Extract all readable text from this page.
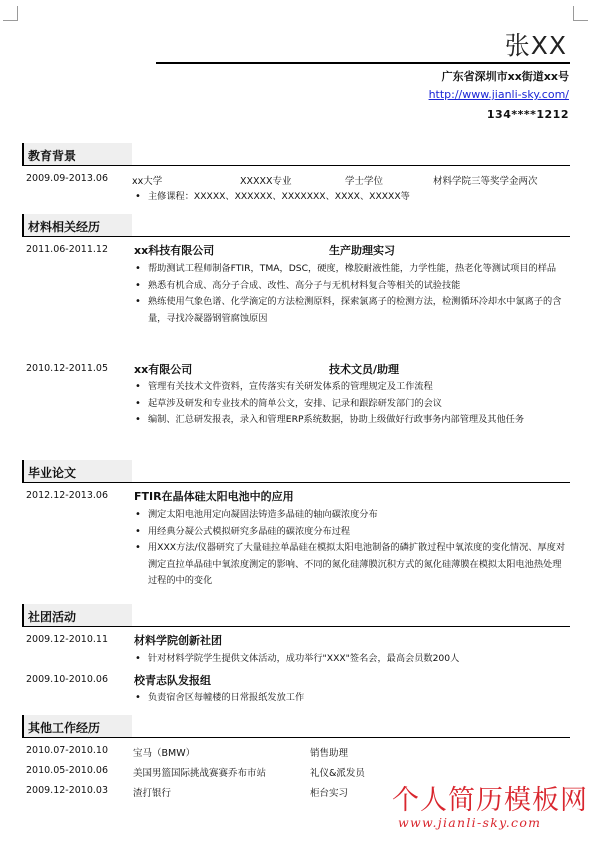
张XX
广东省深圳市xx街道xx号
http://www.jianli-sky.com/
134****1212
教育背景
2009.09-2013.06	xx大学	XXXXX专业	学士学位	材料学院三等奖学金两次
• 主修课程：XXXXX、XXXXXX、XXXXXXX、XXXX、XXXXX等
材料相关经历
2011.06-2011.12 xx科技有限公司	生产助理实习
• 帮助测试工程师制备FTIR，TMA，DSC，硬度，橡胶耐液性能，力学性能，热老化等测试项目的样品
• 熟悉有机合成、高分子合成、改性、高分子与无机材料复合等相关的试验技能
• 熟练使用气象色谱、化学滴定的方法检测原料，探索氯离子的检测方法，检测循环冷却水中氯离子的含量，寻找冷凝器钢管腐蚀原因
2010.12-2011.05 xx有限公司	技术文员/助理
• 管理有关技术文件资料，宣传落实有关研发体系的管理规定及工作流程
• 起草涉及研发和专业技术的简单公文，安排、记录和跟踪研发部门的会议
• 编制、汇总研发报表，录入和管理ERP系统数据，协助上级做好行政事务内部管理及其他任务
毕业论文
2012.12-2013.06 FTIR在晶体硅太阳电池中的应用
• 测定太阳电池用定向凝固法铸造多晶硅的轴向碳浓度分布
• 用经典分凝公式模拟研究多晶硅的碳浓度分布过程
• 用XXX方法/仪器研究了大量硅拉单晶硅在模拟太阳电池制备的磷扩散过程中氧浓度的变化情况、厚度对测定直拉单晶硅中氧浓度测定的影响、不同的氮化硅薄膜沉积方式的氮化硅薄膜在模拟太阳电池热处理过程的中的变化
社团活动
2009.12-2010.11 材料学院创新社团
• 针对材料学院学生提供文体活动，成功举行"XXX"签名会，最高会员数200人
2009.10-2010.06 校青志队发报组
• 负责宿舍区每幢楼的日常报纸发放工作
其他工作经历
2010.07-2010.10	宝马（BMW）	销售助理
2010.05-2010.06	美国男篮国际挑战赛赛乔布市站	礼仪&派发员
2009.12-2010.03	渣打银行	柜台实习 个人简历模板网
www.jianli-sky.com
